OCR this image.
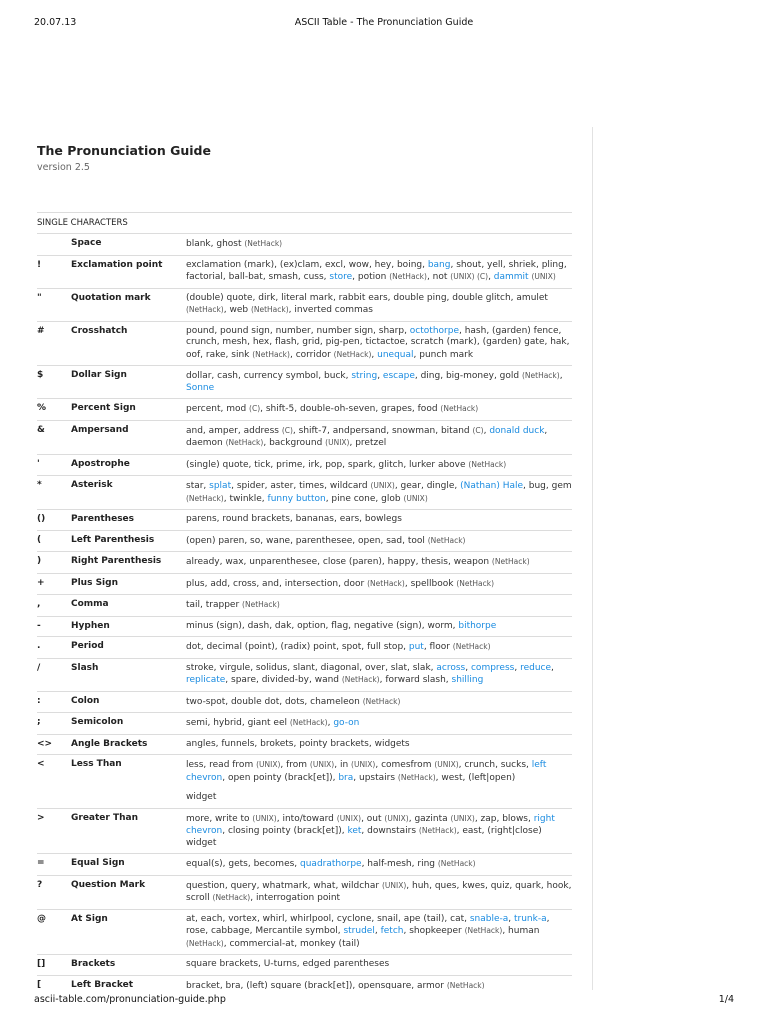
20.07.13	ASCII Table - The Pronunciation Guide
The Pronunciation Guide
version 2.5
SINGLE CHARACTERS
	Space	blank, ghost (NetHack)
!	Exclamation point	exclamation (mark), (ex)clam, excl, wow, hey, boing, bang, shout, yell, shriek, pling, factorial, ball-bat, smash, cuss, store, potion (NetHack), not (UNIX) (C), dammit (UNIX)
"	Quotation mark	(double) quote, dirk, literal mark, rabbit ears, double ping, double glitch, amulet (NetHack), web (NetHack), inverted commas
#	Crosshatch	pound, pound sign, number, number sign, sharp, octothorpe, hash, (garden) fence, crunch, mesh, hex, flash, grid, pig-pen, tictactoe, scratch (mark), (garden) gate, hak, oof, rake, sink (NetHack), corridor (NetHack), unequal, punch mark
$	Dollar Sign	dollar, cash, currency symbol, buck, string, escape, ding, big-money, gold (NetHack), Sonne
%	Percent Sign	percent, mod (C), shift-5, double-oh-seven, grapes, food (NetHack)
&	Ampersand	and, amper, address (C), shift-7, andpersand, snowman, bitand (C), donald duck, daemon (NetHack), background (UNIX), pretzel
'	Apostrophe	(single) quote, tick, prime, irk, pop, spark, glitch, lurker above (NetHack)
*	Asterisk	star, splat, spider, aster, times, wildcard (UNIX), gear, dingle, (Nathan) Hale, bug, gem (NetHack), twinkle, funny button, pine cone, glob (UNIX)
()	Parentheses	parens, round brackets, bananas, ears, bowlegs
(	Left Parenthesis	(open) paren, so, wane, parenthesee, open, sad, tool (NetHack)
)	Right Parenthesis	already, wax, unparenthesee, close (paren), happy, thesis, weapon (NetHack)
+	Plus Sign	plus, add, cross, and, intersection, door (NetHack), spellbook (NetHack)
,	Comma	tail, trapper (NetHack)
-	Hyphen	minus (sign), dash, dak, option, flag, negative (sign), worm, bithorpe
.	Period	dot, decimal (point), (radix) point, spot, full stop, put, floor (NetHack)
/	Slash	stroke, virgule, solidus, slant, diagonal, over, slat, slak, across, compress, reduce, replicate, spare, divided-by, wand (NetHack), forward slash, shilling
:	Colon	two-spot, double dot, dots, chameleon (NetHack)
;	Semicolon	semi, hybrid, giant eel (NetHack), go-on
<>	Angle Brackets	angles, funnels, brokets, pointy brackets, widgets
<	Less Than	less, read from (UNIX), from (UNIX), in (UNIX), comesfrom (UNIX), crunch, sucks, left chevron, open pointy (brack[et]), bra, upstairs (NetHack), west, (left|open)
widget

>	Greater Than	more, write to (UNIX), into/toward (UNIX), out (UNIX), gazinta (UNIX), zap, blows, right chevron, closing pointy (brack[et]), ket, downstairs (NetHack), east, (right|close) widget
=	Equal Sign	equal(s), gets, becomes, quadrathorpe, half-mesh, ring (NetHack)
?	Question Mark	question, query, whatmark, what, wildchar (UNIX), huh, ques, kwes, quiz, quark, hook, scroll (NetHack), interrogation point
@	At Sign	at, each, vortex, whirl, whirlpool, cyclone, snail, ape (tail), cat, snable-a, trunk-a, rose, cabbage, Mercantile symbol, strudel, fetch, shopkeeper (NetHack), human (NetHack), commercial-at, monkey (tail)
[]	Brackets	square brackets, U-turns, edged parentheses
[	Left Bracket	bracket, bra, (left) square (brack[et]), opensquare, armor (NetHack)
ascii-table.com/pronunciation-guide.php	1/4
